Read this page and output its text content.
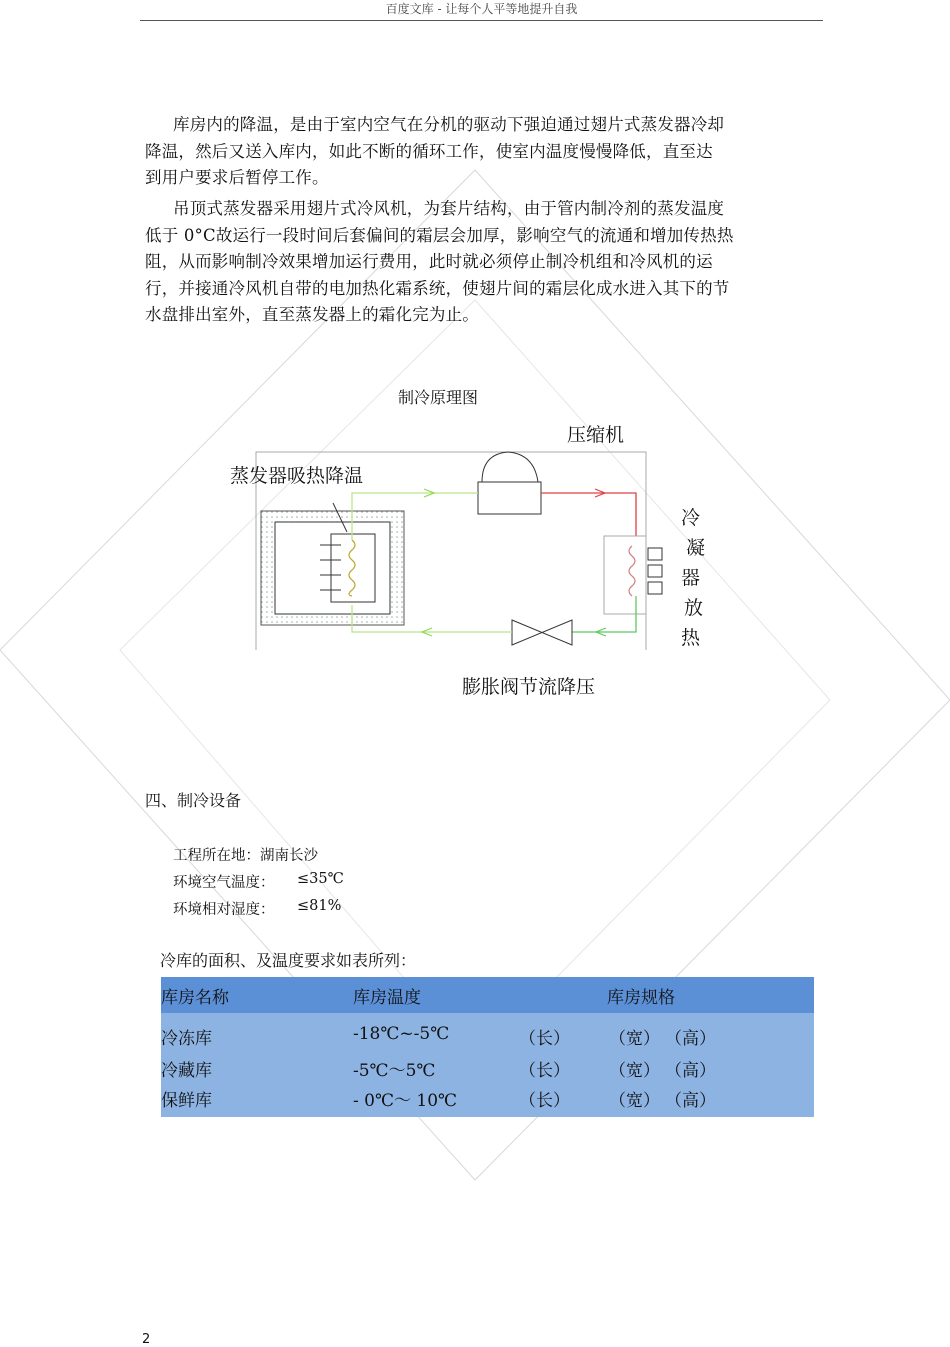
百度文库 - 让每个人平等地提升自我
库房内的降温，是由于室内空气在分机的驱动下强迫通过翅片式蒸发器冷却
降温，然后又送入库内，如此不断的循环工作，使室内温度慢慢降低，直至达
到用户要求后暂停工作。
吊顶式蒸发器采用翅片式冷风机，为套片结构，由于管内制冷剂的蒸发温度
低于 0°C故运行一段时间后套偏间的霜层会加厚，影响空气的流通和增加传热热
阻，从而影响制冷效果增加运行费用，此时就必须停止制冷机组和冷风机的运
行，并接通冷风机自带的电加热化霜系统，使翅片间的霜层化成水进入其下的节
水盘排出室外，直至蒸发器上的霜化完为止。
制冷原理图
压缩机
蒸发器吸热降温
冷
凝
器
放
热
膨胀阀节流降压
四、制冷设备
工程所在地：湖南长沙
环境空气温度： ≤35℃
环境相对湿度： ≤81%
冷库的面积、及温度要求如表所列：
库房名称	库房温度	库房规格
冷冻库	-18℃~-5℃	（长） （宽） （高）
冷藏库	-5℃～5℃	（长） （宽） （高）
保鲜库	- 0℃～ 10℃	（长） （宽） （高）
2
